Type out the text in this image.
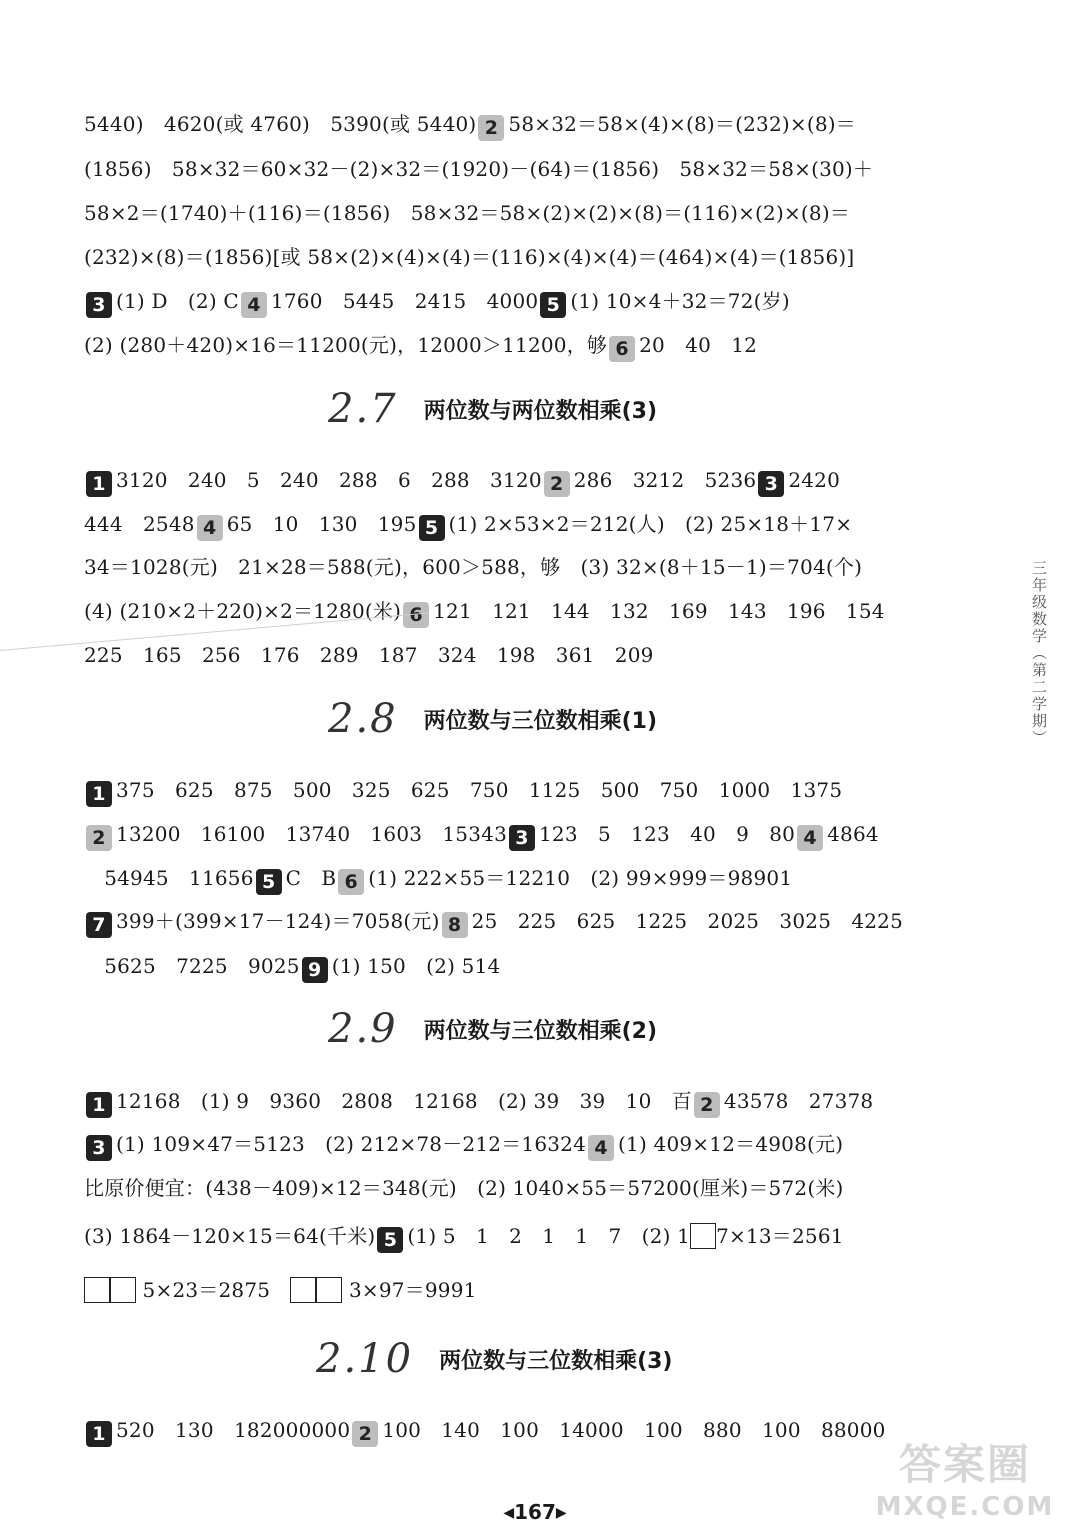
5440)　4620(或 4760)　5390(或 5440) 2 58×32＝58×(4)×(8)＝(232)×(8)＝
(1856)　58×32＝60×32－(2)×32＝(1920)－(64)＝(1856)　58×32＝58×(30)＋
58×2＝(1740)＋(116)＝(1856)　58×32＝58×(2)×(2)×(8)＝(116)×(2)×(8)＝
(232)×(8)＝(1856)[或 58×(2)×(4)×(4)＝(116)×(4)×(4)＝(464)×(4)＝(1856)]
3 (1) D　(2) C 4 1760　5445　2415　4000 5 (1) 10×4＋32＝72(岁)
(2) (280＋420)×16＝11200(元)，12000＞11200，够 6 20　40　12
2.7 两位数与两位数相乘(3)
1 3120　240　5　240　288　6　288　3120 2 286　3212　5236 3 2420
444　2548 4 65　10　130　195 5 (1) 2×53×2＝212(人)　(2) 25×18＋17×
34＝1028(元)　21×28＝588(元)，600＞588，够　(3) 32×(8＋15－1)＝704(个)
(4) (210×2＋220)×2＝1280(米) 6 121　121　144　132　169　143　196　154
225　165　256　176　289　187　324　198　361　209
2.8 两位数与三位数相乘(1)
1 375　625　875　500　325　625　750　1125　500　750　1000　1375
2 13200　16100　13740　1603　15343 3 123　5　123　40　9　80 4 4864
　54945　11656 5 C　B 6 (1) 222×55＝12210　(2) 99×999＝98901
7 399＋(399×17－124)＝7058(元) 8 25　225　625　1225　2025　3025　4225
　5625　7225　9025 9 (1) 150　(2) 514
2.9 两位数与三位数相乘(2)
1 12168　(1) 9　9360　2808　12168　(2) 39　39　10　百 2 43578　27378
3 (1) 109×47＝5123　(2) 212×78－212＝16324 4 (1) 409×12＝4908(元)
比原价便宜：(438－409)×12＝348(元)　(2) 1040×55＝57200(厘米)＝572(米)
(3) 1864－120×15＝64(千米) 5 (1) 5　1　2　1　1　7　(2) 1 7×13＝2561
5×23＝2875　	3×97＝9991
2.10 两位数与三位数相乘(3)
1 520　130　182000000 2 100　140　100　14000　100　880　100　88000
三年级数学（第二学期）
◀167▶
答案圈
MXQE.COM
